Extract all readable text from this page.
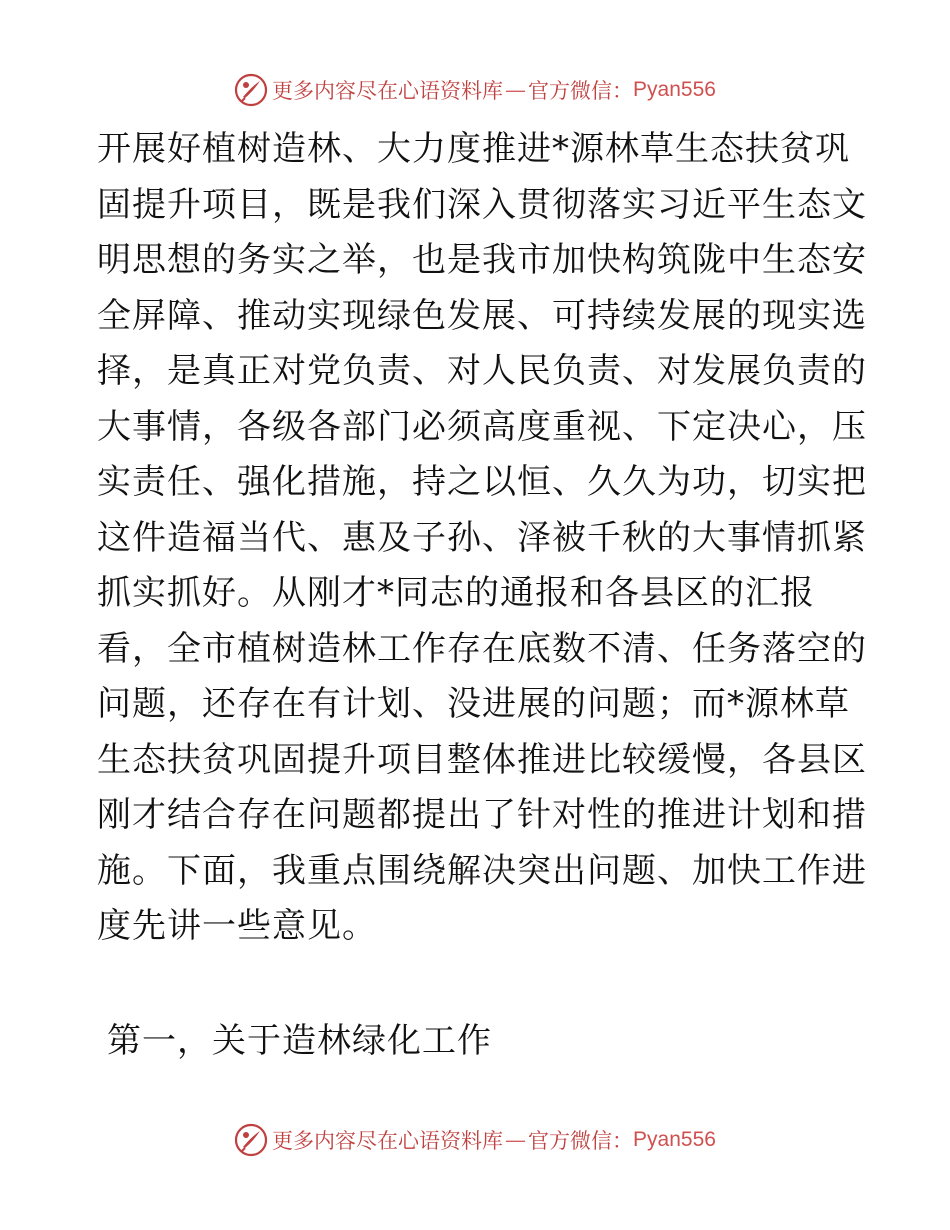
更多内容尽在心语资料库 — 官方微信： Pyan556
开展好植树造林、大力度推进*源林草生态扶贫巩
固提升项目，既是我们深入贯彻落实习近平生态文
明思想的务实之举，也是我市加快构筑陇中生态安
全屏障、推动实现绿色发展、可持续发展的现实选
择，是真正对党负责、对人民负责、对发展负责的
大事情，各级各部门必须高度重视、下定决心，压
实责任、强化措施，持之以恒、久久为功，切实把
这件造福当代、惠及子孙、泽被千秋的大事情抓紧
抓实抓好。从刚才*同志的通报和各县区的汇报
看，全市植树造林工作存在底数不清、任务落空的
问题，还存在有计划、没进展的问题；而*源林草
生态扶贫巩固提升项目整体推进比较缓慢，各县区
刚才结合存在问题都提出了针对性的推进计划和措
施。下面，我重点围绕解决突出问题、加快工作进
度先讲一些意见。
第一，关于造林绿化工作
更多内容尽在心语资料库 — 官方微信： Pyan556
